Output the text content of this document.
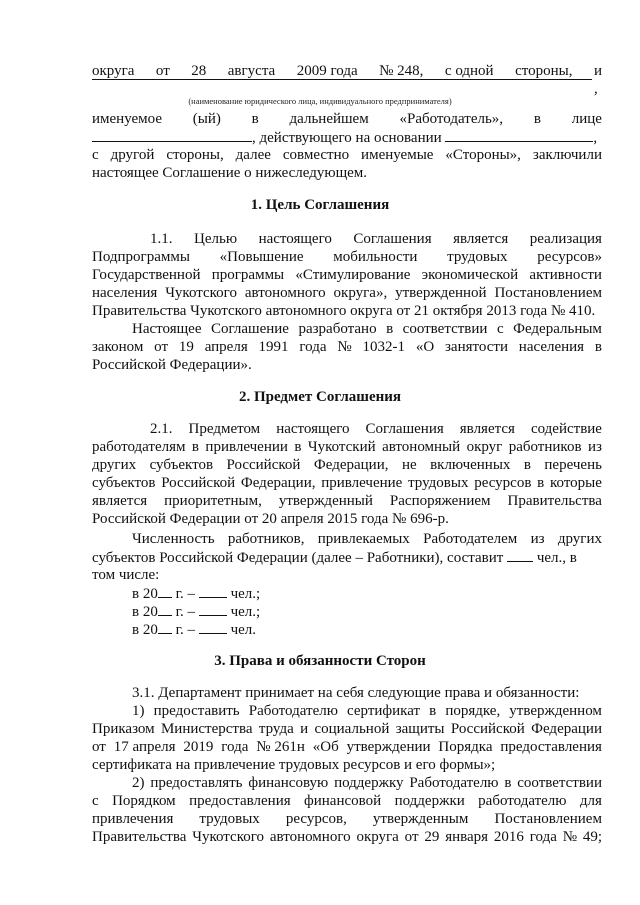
округа от 28 августа 2009 года № 248, с одной стороны, и
,
(наименование юридического лица, индивидуального предпринимателя)
именуемое (ый) в дальнейшем «Работодатель», в лице
, действующего на основании	,
с другой стороны, далее совместно именуемые «Стороны», заключили
настоящее Соглашение о нижеследующем.
1. Цель Соглашения
1.1. Целью настоящего Соглашения является реализация
Подпрограммы «Повышение мобильности трудовых ресурсов»
Государственной программы «Стимулирование экономической активности
населения Чукотского автономного округа», утвержденной Постановлением
Правительства Чукотского автономного округа от 21 октября 2013 года № 410.
Настоящее Соглашение разработано в соответствии с Федеральным
законом от 19 апреля 1991 года № 1032-1 «О занятости населения в
Российской Федерации».
2. Предмет Соглашения
2.1. Предметом настоящего Соглашения является содействие
работодателям в привлечении в Чукотский автономный округ работников из
других субъектов Российской Федерации, не включенных в перечень
субъектов Российской Федерации, привлечение трудовых ресурсов в которые
является приоритетным, утвержденный Распоряжением Правительства
Российской Федерации от 20 апреля 2015 года № 696-р.
Численность работников, привлекаемых Работодателем из других
субъектов Российской Федерации (далее – Работники), составит чел., в
том числе:
в 20 г. – чел.;
в 20 г. – чел.;
в 20 г. – чел.
3. Права и обязанности Сторон
3.1. Департамент принимает на себя следующие права и обязанности:
1) предоставить Работодателю сертификат в порядке, утвержденном
Приказом Министерства труда и социальной защиты Российской Федерации
от 17 апреля 2019 года № 261н «Об утверждении Порядка предоставления
сертификата на привлечение трудовых ресурсов и его формы»;
2) предоставлять финансовую поддержку Работодателю в соответствии
с Порядком предоставления финансовой поддержки работодателю для
привлечения трудовых ресурсов, утвержденным Постановлением
Правительства Чукотского автономного округа от 29 января 2016 года № 49;
